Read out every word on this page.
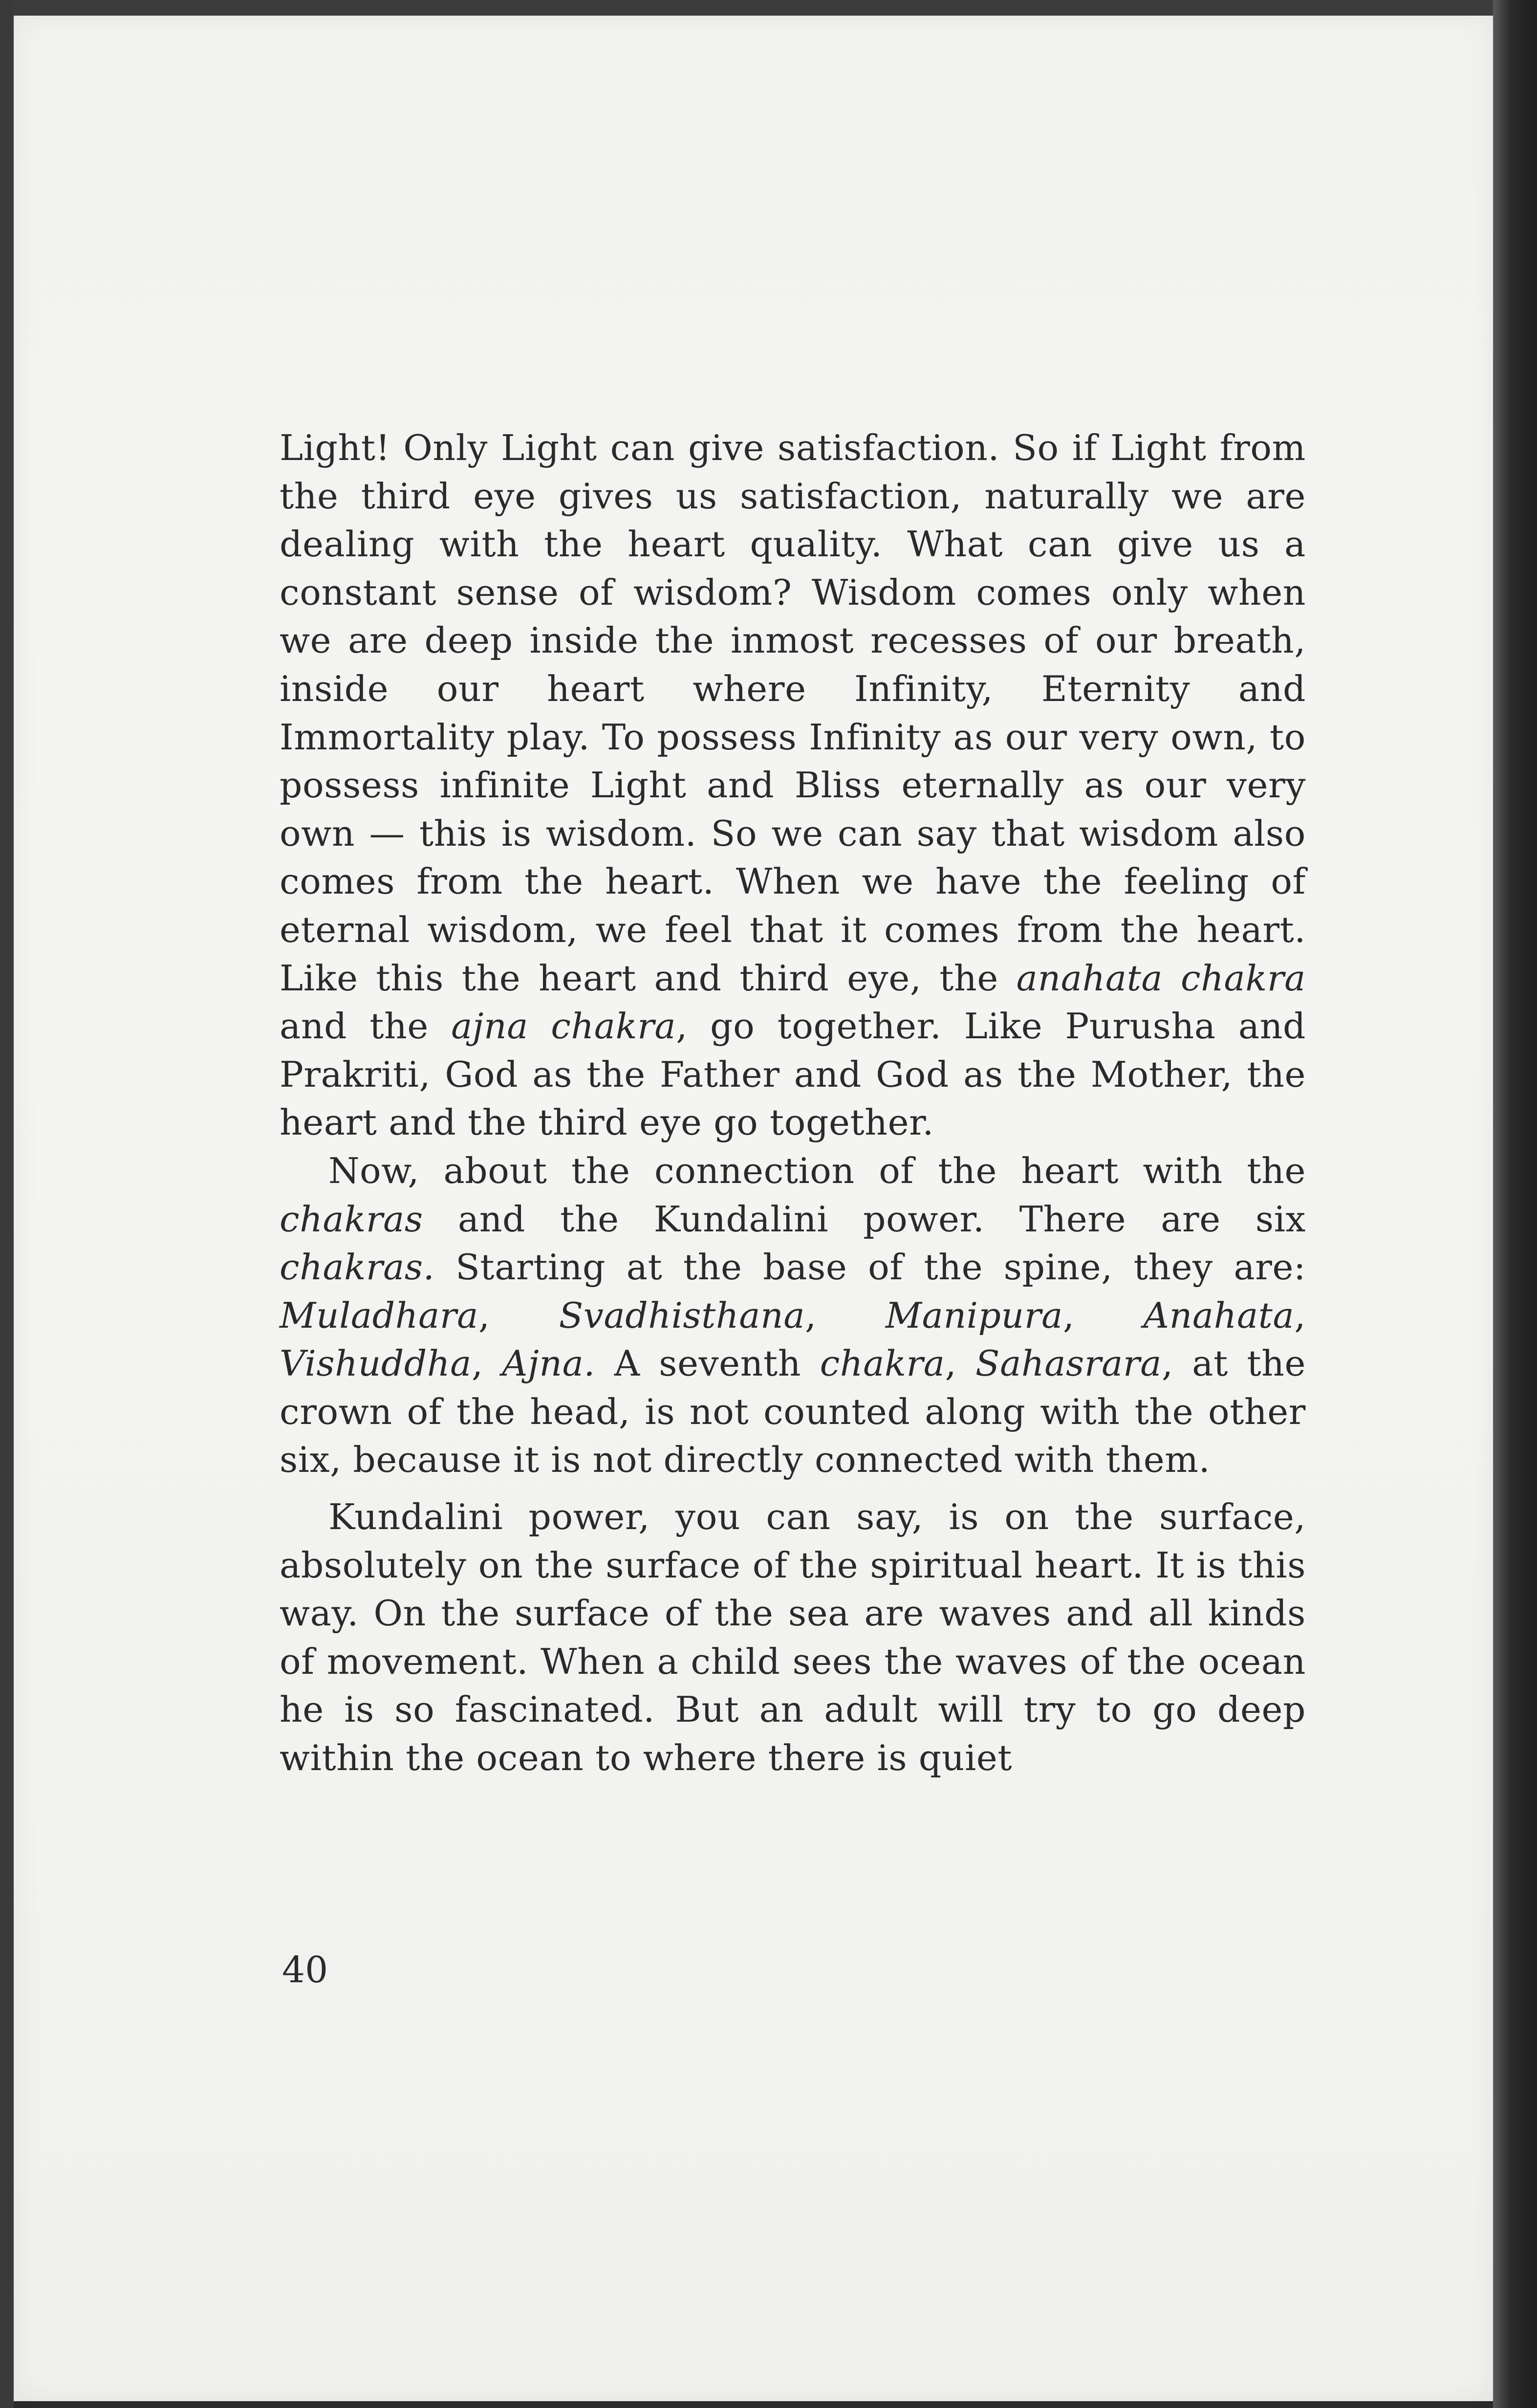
Light! Only Light can give satisfaction. So if Light from the third eye gives us satisfaction, naturally we are dealing with the heart quality. What can give us a constant sense of wisdom? Wisdom comes only when we are deep inside the inmost recesses of our breath, inside our heart where Infinity, Eternity and Immortality play. To possess Infinity as our very own, to possess infinite Light and Bliss eternally as our very own — this is wisdom. So we can say that wisdom also comes from the heart. When we have the feeling of eternal wisdom, we feel that it comes from the heart. Like this the heart and third eye, the anahata chakra and the ajna chakra, go together. Like Purusha and Prakriti, God as the Father and God as the Mother, the heart and the third eye go together.

Now, about the connection of the heart with the chakras and the Kundalini power. There are six chakras. Starting at the base of the spine, they are: Muladhara, Svadhisthana, Manipura, Anahata, Vishuddha, Ajna. A seventh chakra, Sahasrara, at the crown of the head, is not counted along with the other six, because it is not directly connected with them.

Kundalini power, you can say, is on the surface, absolutely on the surface of the spiritual heart. It is this way. On the surface of the sea are waves and all kinds of movement. When a child sees the waves of the ocean he is so fascinated. But an adult will try to go deep within the ocean to where there is quiet

40
